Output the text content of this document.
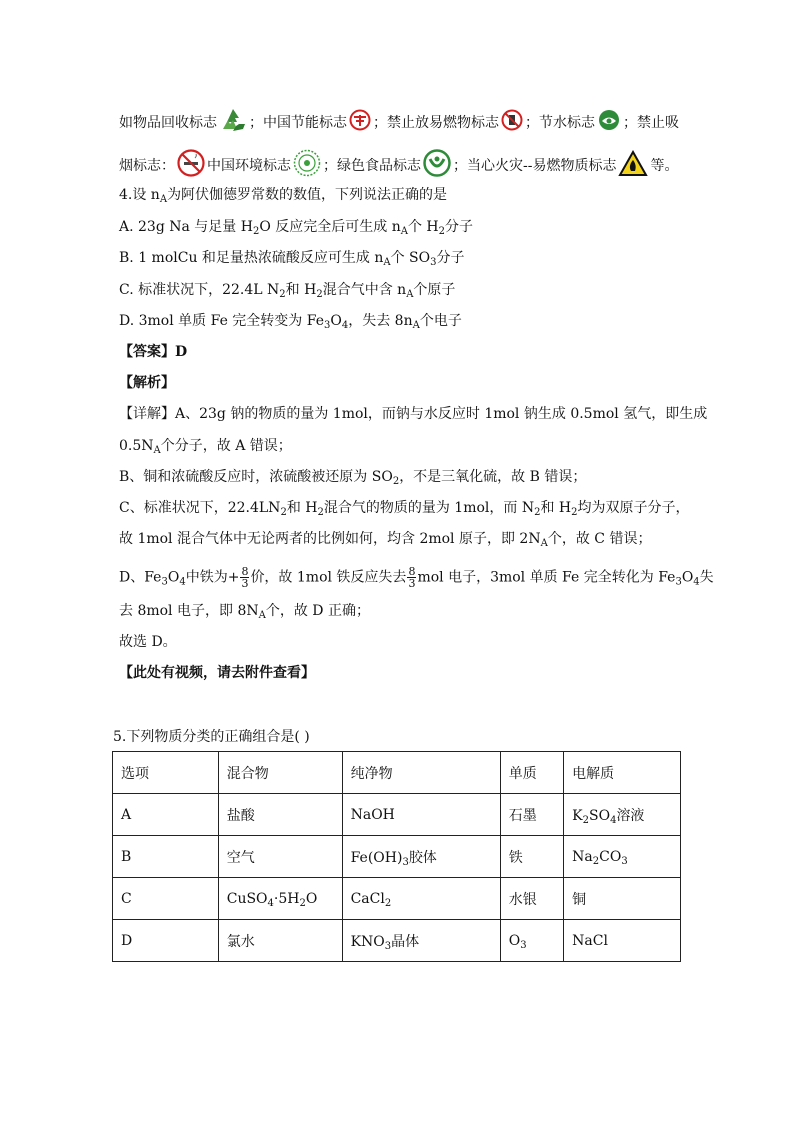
如物品回收标志 ；中国节能标志 ；禁止放易燃物标志 ；节水标志 ；禁止吸
烟标志： 中国环境标志 ；绿色食品标志 ；当心火灾--易燃物质标志 等。
4.设 $n_A$为阿伏伽德罗常数的数值，下列说法正确的是
A. 23g Na 与足量 $H_2O$ 反应完全后可生成 $n_A$个 $H_2$分子
B. 1 molCu 和足量热浓硫酸反应可生成 $n_A$个 $SO_3$分子
C. 标准状况下，22.4L $N_2$和 $H_2$混合气中含 $n_A$个原子
D. 3mol 单质 Fe 完全转变为 $Fe_3O_4$，失去 $8n_A$个电子
【答案】D
【解析】
【详解】A、23g 钠的物质的量为 1mol，而钠与水反应时 1mol 钠生成 0.5mol 氢气，即生成
$0.5N_A$个分子，故 A 错误；
B、铜和浓硫酸反应时，浓硫酸被还原为 $SO_2$，不是三氧化硫，故 B 错误；
C、标准状况下，$22.4LN_2$和 $H_2$混合气的物质的量为 1mol，而 $N_2$和 $H_2$均为双原子分子，
故 1mol 混合气体中无论两者的比例如何，均含 2mol 原子，即 $2N_A$个，故 C 错误；
D、$Fe_3O_4$中铁为+ $\frac{8}{3}$ 价，故 1mol 铁反应失去 $\frac{8}{3}$ mol 电子，3mol 单质 Fe 完全转化为 $Fe_3O_4$失
去 8mol 电子，即 $8N_A$个，故 D 正确；
故选 D。
【此处有视频，请去附件查看】
5.下列物质分类的正确组合是( )
选项	混合物	纯净物	单质	电解质
A	盐酸	NaOH	石墨	$K_2SO_4$溶液
B	空气	$Fe(OH)_3$胶体	铁	$Na_2CO_3$
C	$CuSO_4\cdot 5H_2O$	CaCl$_2$	水银	铜
D	氯水	$KNO_3$晶体	$O_3$	NaCl
